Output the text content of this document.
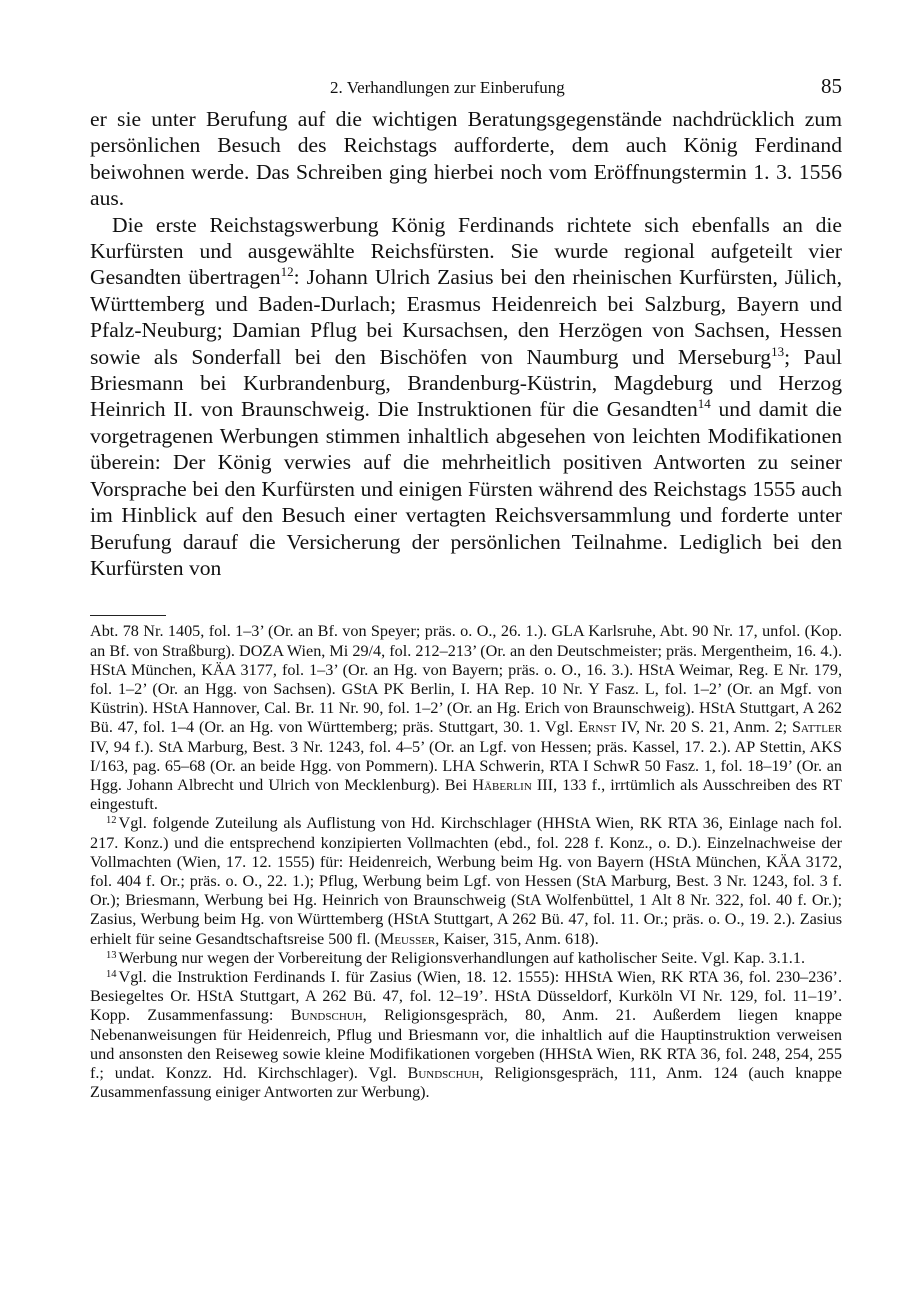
2. Verhandlungen zur Einberufung	85

er sie unter Berufung auf die wichtigen Beratungsgegenstände nachdrücklich zum persönlichen Besuch des Reichstags aufforderte, dem auch König Ferdinand beiwohnen werde. Das Schreiben ging hierbei noch vom Eröffnungstermin 1. 3. 1556 aus.

Die erste Reichstagswerbung König Ferdinands richtete sich ebenfalls an die Kurfürsten und ausgewählte Reichsfürsten. Sie wurde regional aufgeteilt vier Gesandten übertragen$^{12}$: Johann Ulrich Zasius bei den rheinischen Kurfürsten, Jülich, Württemberg und Baden-Durlach; Erasmus Heidenreich bei Salzburg, Bayern und Pfalz-Neuburg; Damian Pflug bei Kursachsen, den Herzögen von Sachsen, Hessen sowie als Sonderfall bei den Bischöfen von Naumburg und Merseburg$^{13}$; Paul Briesmann bei Kurbrandenburg, Brandenburg-Küstrin, Magdeburg und Herzog Heinrich II. von Braunschweig. Die Instruktionen für die Gesandten$^{14}$ und damit die vorgetragenen Werbungen stimmen inhaltlich abgesehen von leichten Modifikationen überein: Der König verwies auf die mehrheitlich positiven Antworten zu seiner Vorsprache bei den Kurfürsten und einigen Fürsten während des Reichstags 1555 auch im Hinblick auf den Besuch einer vertagten Reichsversammlung und forderte unter Berufung darauf die Versicherung der persönlichen Teilnahme. Lediglich bei den Kurfürsten von

Abt. 78 Nr. 1405, fol. 1–3’ (Or. an Bf. von Speyer; präs. o. O., 26. 1.). GLA Karlsruhe, Abt. 90 Nr. 17, unfol. (Kop. an Bf. von Straßburg). DOZA Wien, Mi 29/4, fol. 212–213’ (Or. an den Deutschmeister; präs. Mergentheim, 16. 4.). HStA München, KÄA 3177, fol. 1–3’ (Or. an Hg. von Bayern; präs. o. O., 16. 3.). HStA Weimar, Reg. E Nr. 179, fol. 1–2’ (Or. an Hgg. von Sachsen). GStA PK Berlin, I. HA Rep. 10 Nr. Y Fasz. L, fol. 1–2’ (Or. an Mgf. von Küstrin). HStA Hannover, Cal. Br. 11 Nr. 90, fol. 1–2’ (Or. an Hg. Erich von Braunschweig). HStA Stuttgart, A 262 Bü. 47, fol. 1–4 (Or. an Hg. von Württemberg; präs. Stuttgart, 30. 1. Vgl. Ernst IV, Nr. 20 S. 21, Anm. 2; Sattler IV, 94 f.). StA Marburg, Best. 3 Nr. 1243, fol. 4–5’ (Or. an Lgf. von Hessen; präs. Kassel, 17. 2.). AP Stettin, AKS I/163, pag. 65–68 (Or. an beide Hgg. von Pommern). LHA Schwerin, RTA I SchwR 50 Fasz. 1, fol. 18–19’ (Or. an Hgg. Johann Albrecht und Ulrich von Mecklenburg). Bei Häberlin III, 133 f., irrtümlich als Ausschreiben des RT eingestuft.

$^{12}$ Vgl. folgende Zuteilung als Auflistung von Hd. Kirchschlager (HHStA Wien, RK RTA 36, Einlage nach fol. 217. Konz.) und die entsprechend konzipierten Vollmachten (ebd., fol. 228 f. Konz., o. D.). Einzelnachweise der Vollmachten (Wien, 17. 12. 1555) für: Heidenreich, Werbung beim Hg. von Bayern (HStA München, KÄA 3172, fol. 404 f. Or.; präs. o. O., 22. 1.); Pflug, Werbung beim Lgf. von Hessen (StA Marburg, Best. 3 Nr. 1243, fol. 3 f. Or.); Briesmann, Werbung bei Hg. Heinrich von Braunschweig (StA Wolfenbüttel, 1 Alt 8 Nr. 322, fol. 40 f. Or.); Zasius, Werbung beim Hg. von Württemberg (HStA Stuttgart, A 262 Bü. 47, fol. 11. Or.; präs. o. O., 19. 2.). Zasius erhielt für seine Gesandtschaftsreise 500 fl. (Meusser, Kaiser, 315, Anm. 618).

$^{13}$ Werbung nur wegen der Vorbereitung der Religionsverhandlungen auf katholischer Seite. Vgl. Kap. 3.1.1.

$^{14}$ Vgl. die Instruktion Ferdinands I. für Zasius (Wien, 18. 12. 1555): HHStA Wien, RK RTA 36, fol. 230–236’. Besiegeltes Or. HStA Stuttgart, A 262 Bü. 47, fol. 12–19’. HStA Düsseldorf, Kurköln VI Nr. 129, fol. 11–19’. Kopp. Zusammenfassung: Bundschuh, Religionsgespräch, 80, Anm. 21. Außerdem liegen knappe Nebenanweisungen für Heidenreich, Pflug und Briesmann vor, die inhaltlich auf die Hauptinstruktion verweisen und ansonsten den Reiseweg sowie kleine Modifikationen vorgeben (HHStA Wien, RK RTA 36, fol. 248, 254, 255 f.; undat. Konzz. Hd. Kirchschlager). Vgl. Bundschuh, Religionsgespräch, 111, Anm. 124 (auch knappe Zusammenfassung einiger Antworten zur Werbung).
